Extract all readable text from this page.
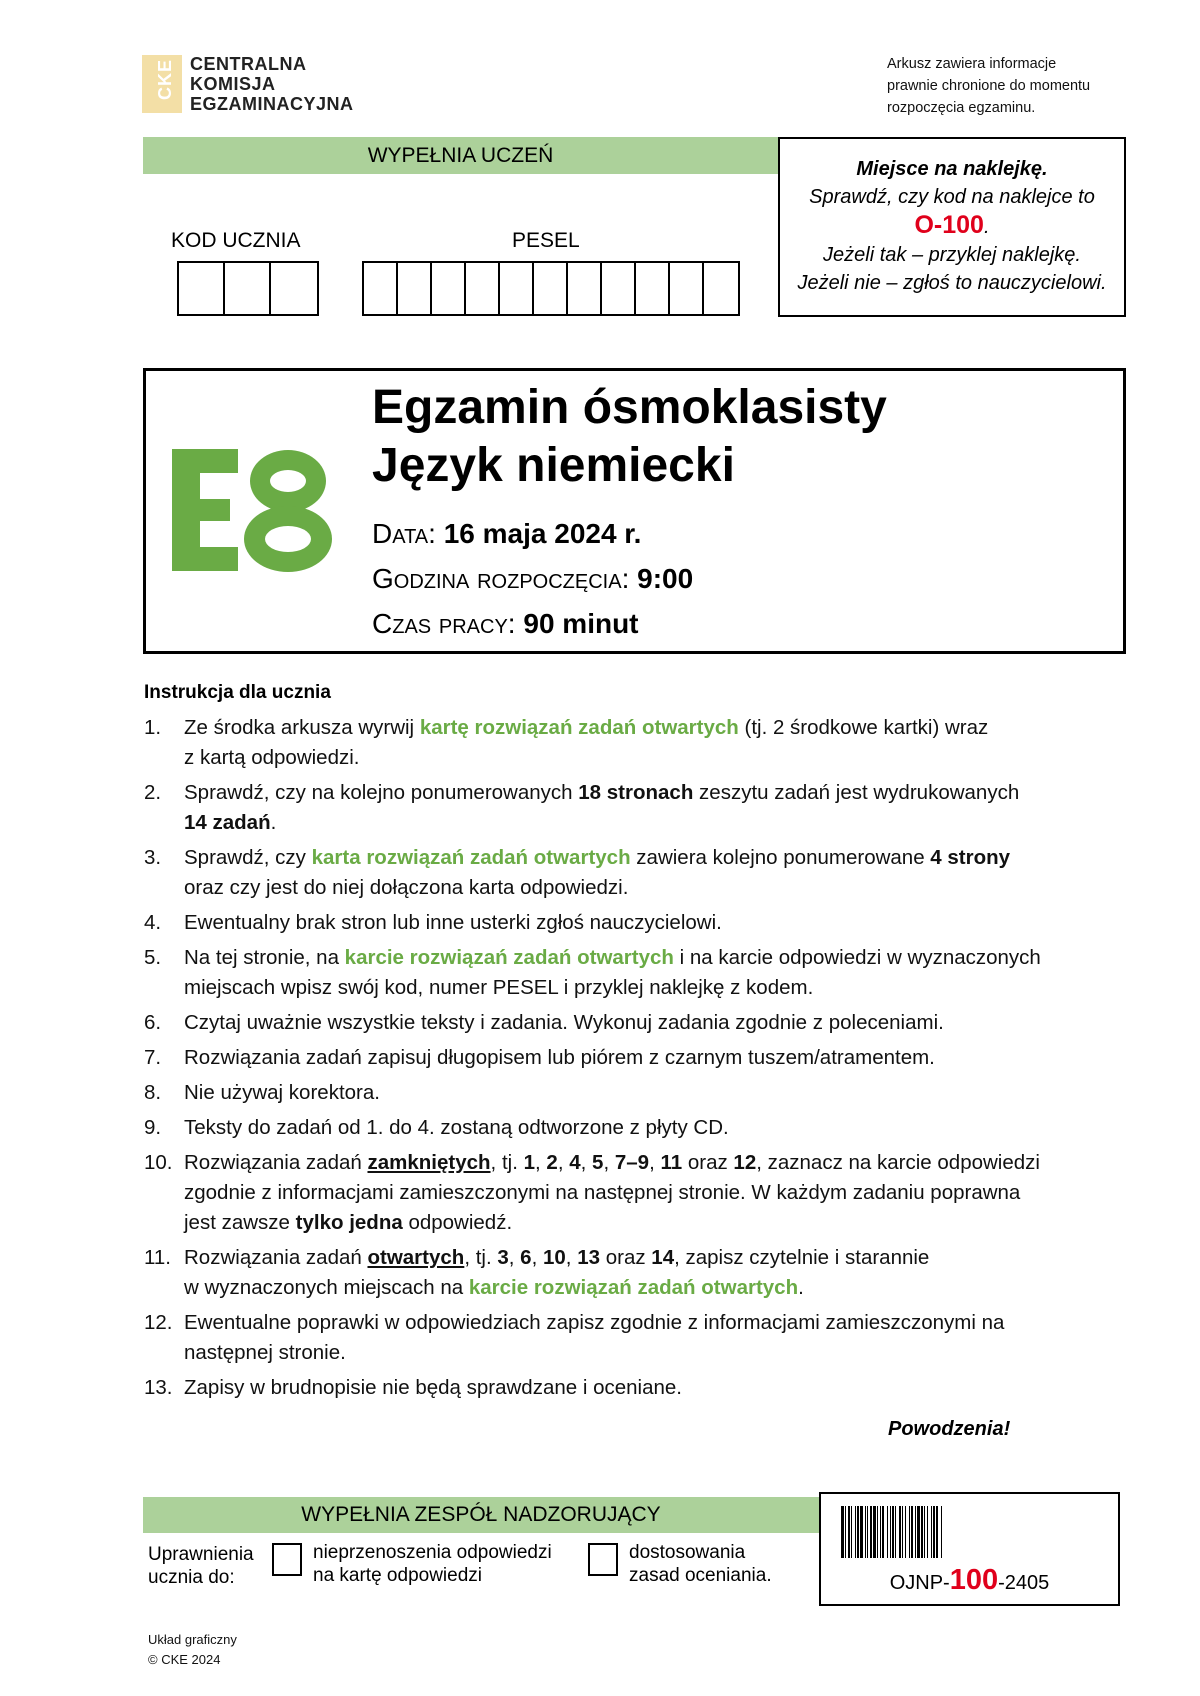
CKE CENTRALNA
KOMISJA
EGZAMINACYJNA
Arkusz zawiera informacje
prawnie chronione do momentu
rozpoczęcia egzaminu.
WYPEŁNIA UCZEŃ
KOD UCZNIA	PESEL
Miejsce na naklejkę.
Sprawdź, czy kod na naklejce to
O-100.
Jeżeli tak – przyklej naklejkę.
Jeżeli nie – zgłoś to nauczycielowi.
E8
Egzamin ósmoklasisty
Język niemiecki
Data: 16 maja 2024 r.
Godzina rozpoczęcia: 9:00
Czas pracy: 90 minut
Instrukcja dla ucznia
1.	Ze środka arkusza wyrwij kartę rozwiązań zadań otwartych (tj. 2 środkowe kartki) wraz
z kartą odpowiedzi.
2.	Sprawdź, czy na kolejno ponumerowanych 18 stronach zeszytu zadań jest wydrukowanych
14 zadań.
3.	Sprawdź, czy karta rozwiązań zadań otwartych zawiera kolejno ponumerowane 4 strony
oraz czy jest do niej dołączona karta odpowiedzi.
4.	Ewentualny brak stron lub inne usterki zgłoś nauczycielowi.
5.	Na tej stronie, na karcie rozwiązań zadań otwartych i na karcie odpowiedzi w wyznaczonych
miejscach wpisz swój kod, numer PESEL i przyklej naklejkę z kodem.
6.	Czytaj uważnie wszystkie teksty i zadania. Wykonuj zadania zgodnie z poleceniami.
7.	Rozwiązania zadań zapisuj długopisem lub piórem z czarnym tuszem/atramentem.
8.	Nie używaj korektora.
9.	Teksty do zadań od 1. do 4. zostaną odtworzone z płyty CD.
10. Rozwiązania zadań zamkniętych, tj. 1, 2, 4, 5, 7–9, 11 oraz 12, zaznacz na karcie odpowiedzi
zgodnie z informacjami zamieszczonymi na następnej stronie. W każdym zadaniu poprawna
jest zawsze tylko jedna odpowiedź.
11. Rozwiązania zadań otwartych, tj. 3, 6, 10, 13 oraz 14, zapisz czytelnie i starannie
w wyznaczonych miejscach na karcie rozwiązań zadań otwartych.
12. Ewentualne poprawki w odpowiedziach zapisz zgodnie z informacjami zamieszczonymi na
następnej stronie.
13. Zapisy w brudnopisie nie będą sprawdzane i oceniane.
Powodzenia!
WYPEŁNIA ZESPÓŁ NADZORUJĄCY
Uprawnienia
ucznia do:
nieprzenoszenia odpowiedzi
na kartę odpowiedzi
dostosowania
zasad oceniania.	OJNP-100-2405
Układ graficzny
© CKE 2024
